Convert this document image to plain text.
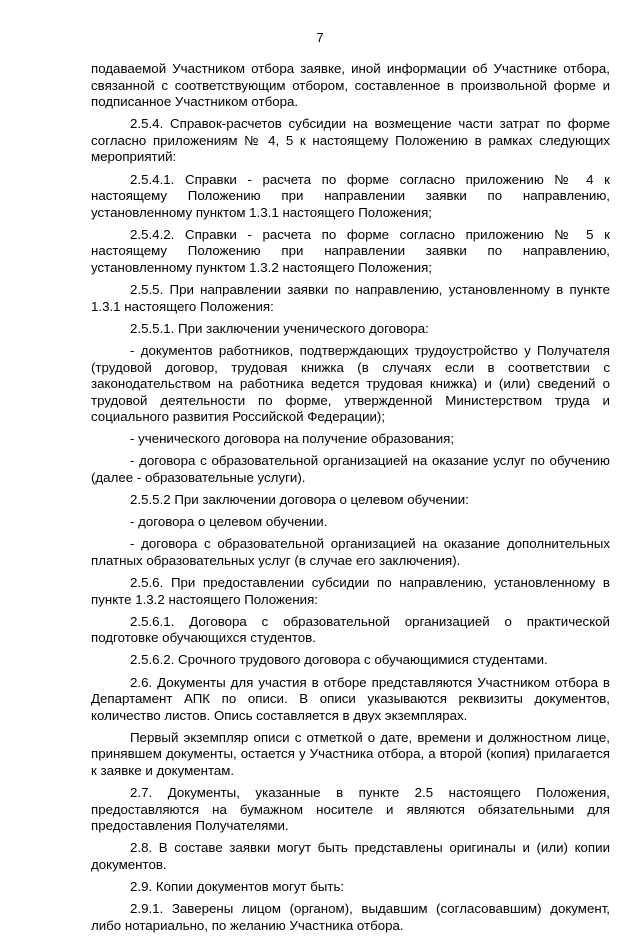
7

подаваемой Участником отбора заявке, иной информации об Участнике отбора, связанной с соответствующим отбором, составленное в произвольной форме и подписанное Участником отбора.

2.5.4. Справок-расчетов субсидии на возмещение части затрат по форме согласно приложениям № 4, 5 к настоящему Положению в рамках следующих мероприятий:

2.5.4.1. Справки - расчета по форме согласно приложению № 4 к настоящему Положению при направлении заявки по направлению, установленному пунктом 1.3.1 настоящего Положения;

2.5.4.2. Справки - расчета по форме согласно приложению № 5 к настоящему Положению при направлении заявки по направлению, установленному пунктом 1.3.2 настоящего Положения;

2.5.5. При направлении заявки по направлению, установленному в пункте 1.3.1 настоящего Положения:

2.5.5.1. При заключении ученического договора:

- документов работников, подтверждающих трудоустройство у Получателя (трудовой договор, трудовая книжка (в случаях если в соответствии с законодательством на работника ведется трудовая книжка) и (или) сведений о трудовой деятельности по форме, утвержденной Министерством труда и социального развития Российской Федерации);

- ученического договора на получение образования;

- договора с образовательной организацией на оказание услуг по обучению (далее - образовательные услуги).

2.5.5.2 При заключении договора о целевом обучении:

- договора о целевом обучении.

- договора с образовательной организацией на оказание дополнительных платных образовательных услуг (в случае его заключения).

2.5.6. При предоставлении субсидии по направлению, установленному в пункте 1.3.2 настоящего Положения:

2.5.6.1. Договора с образовательной организацией о практической подготовке обучающихся студентов.

2.5.6.2. Срочного трудового договора с обучающимися студентами.

2.6. Документы для участия в отборе представляются Участником отбора в Департамент АПК по описи. В описи указываются реквизиты документов, количество листов. Опись составляется в двух экземплярах.

Первый экземпляр описи с отметкой о дате, времени и должностном лице, принявшем документы, остается у Участника отбора, а второй (копия) прилагается к заявке и документам.

2.7. Документы, указанные в пункте 2.5 настоящего Положения, предоставляются на бумажном носителе и являются обязательными для предоставления Получателями.

2.8. В составе заявки могут быть представлены оригиналы и (или) копии документов.

2.9. Копии документов могут быть:

2.9.1. Заверены лицом (органом), выдавшим (согласовавшим) документ, либо нотариально, по желанию Участника отбора.
